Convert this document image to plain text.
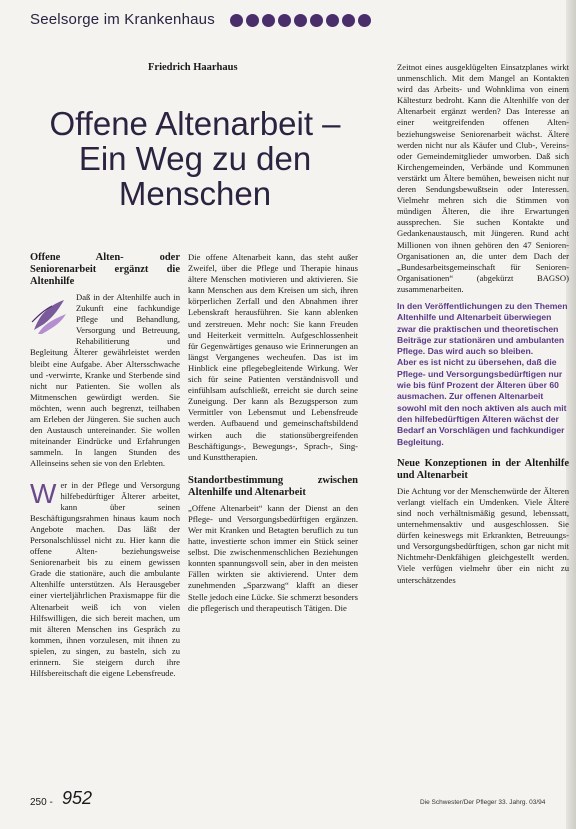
Seelsorge im Krankenhaus
Friedrich Haarhaus
Offene Altenarbeit –
Ein Weg zu den
Menschen
Offene Alten- oder Seniorenarbeit ergänzt die Altenhilfe

Daß in der Altenhilfe auch in Zukunft eine fachkundige Pflege und Behandlung, Versorgung und Betreuung, Rehabilitierung und Begleitung Älterer gewährleistet werden bleibt eine Aufgabe. Aber Altersschwache und -verwirrte, Kranke und Sterbende sind nicht nur Patienten. Sie wollen als Mitmenschen gewürdigt werden. Sie möchten, wenn auch begrenzt, teilhaben am Erleben der Jüngeren. Sie suchen auch den Austausch untereinander. Sie wollen miteinander Eindrücke und Erfahrungen sammeln. In langen Stunden des Alleinseins sehen sie von den Erlebten.

Wer in der Pflege und Versorgung hilfebedürftiger Älterer arbeitet, kann über seinen Beschäftigungsrahmen hinaus kaum noch Angebote machen. Das läßt der Personalschlüssel nicht zu. Hier kann die offene Alten- beziehungsweise Seniorenarbeit bis zu einem gewissen Grade die stationäre, auch die ambulante Altenhilfe unterstützen. Als Herausgeber einer vierteljährlichen Praxismappe für die Altenarbeit weiß ich von vielen Hilfswilligen, die sich bereit machen, um mit älteren Menschen ins Gespräch zu kommen, ihnen vorzulesen, mit ihnen zu spielen, zu singen, zu basteln, sich zu erinnern. Sie steigern durch ihre Hilfsbereitschaft die eigene Lebensfreude.

Die offene Altenarbeit kann, das steht außer Zweifel, über die Pflege und Therapie hinaus ältere Menschen motivieren und aktivieren. Sie kann Menschen aus dem Kreisen um sich, ihren körperlichen Zerfall und den Abnahmen ihrer Lebenskraft herausführen. Sie kann ablenken und zerstreuen. Mehr noch: Sie kann Freuden und Heiterkeit vermitteln. Aufgeschlossenheit für Gegenwärtiges genauso wie Erinnerungen an längst Vergangenes wecheufen. Das ist im Hinblick eine pflegebegleitende Wirkung. Wer sich für seine Patienten verständnisvoll und einfühlsam aufschließt, erreicht sie durch seine Zuneigung. Der kann als Bezugsperson zum Vermittler von Lebensmut und Lebensfreude werden. Aufbauend und gemeinschaftsbildend wirken auch die stationsübergreifenden Beschäftigungs-, Bewegungs-, Sprach-, Sing- und Kunsttherapien.

Standortbestimmung zwischen Altenhilfe und Altenarbeit

„Offene Altenarbeit“ kann der Dienst an den Pflege- und Versorgungsbedürftigen ergänzen. Wer mit Kranken und Betagten beruflich zu tun hatte, investierte schon immer ein Stück seiner selbst. Die zwischenmenschlichen Beziehungen konnten spannungsvoll sein, aber in den meisten Fällen wirkten sie aktivierend. Unter dem zunehmenden „Sparzwang“ klafft an dieser Stelle jedoch eine Lücke. Sie schmerzt besonders die pflegerisch und therapeutisch Tätigen. Die

Zeitnot eines ausgeklügelten Einsatzplanes wirkt unmenschlich. Mit dem Mangel an Kontakten wird das Arbeits- und Wohnklima von einem Kältesturz bedroht. Kann die Altenhilfe von der Altenarbeit ergänzt werden? Das Interesse an einer weitgreifenden offenen Alten- beziehungsweise Seniorenarbeit wächst. Ältere werden nicht nur als Käufer und Club-, Vereins- oder Gemeindemitglieder umworben. Daß sich Kirchengemeinden, Verbände und Kommunen verstärkt um Ältere bemühen, beweisen nicht nur deren Sendungsbewußtsein oder Interessen. Vielmehr mehren sich die Stimmen von mündigen Älteren, die ihre Erwartungen aussprechen. Sie suchen Kontakte und Gedankenaustausch, mit Jüngeren. Rund acht Millionen von ihnen gehören den 47 Senioren-Organisationen an, die unter dem Dach der „Bundesarbeitsgemeinschaft für Senioren-Organisationen“ (abgekürzt BAGSO) zusammenarbeiten.

In den Veröffentlichungen zu den Themen Altenhilfe und Altenarbeit überwiegen zwar die praktischen und theoretischen Beiträge zur stationären und ambulanten Pflege. Das wird auch so bleiben.
Aber es ist nicht zu übersehen, daß die Pflege- und Versorgungsbedürftigen nur wie bis fünf Prozent der Älteren über 60 ausmachen. Zur offenen Altenarbeit sowohl mit den noch aktiven als auch mit den hilfebedürftigen Älteren wächst der Bedarf an Vorschlägen und fachkundiger Begleitung.
Neue Konzeptionen in der Altenhilfe und Altenarbeit

Die Achtung vor der Menschenwürde der Älteren verlangt vielfach ein Umdenken. Viele Ältere sind noch verhältnismäßig gesund, lebenssatt, unternehmensaktiv und ausgeschlossen. Sie dürfen keineswegs mit Erkrankten, Betreuungs- und Versorgungsbedürftigen, schon gar nicht mit Nichtmehr-Denkfähigen gleichgestellt werden. Viele verfügen vielmehr über ein nicht zu unterschätzendes

250 - 952	Die Schwester/Der Pfleger 33. Jahrg. 03/94
